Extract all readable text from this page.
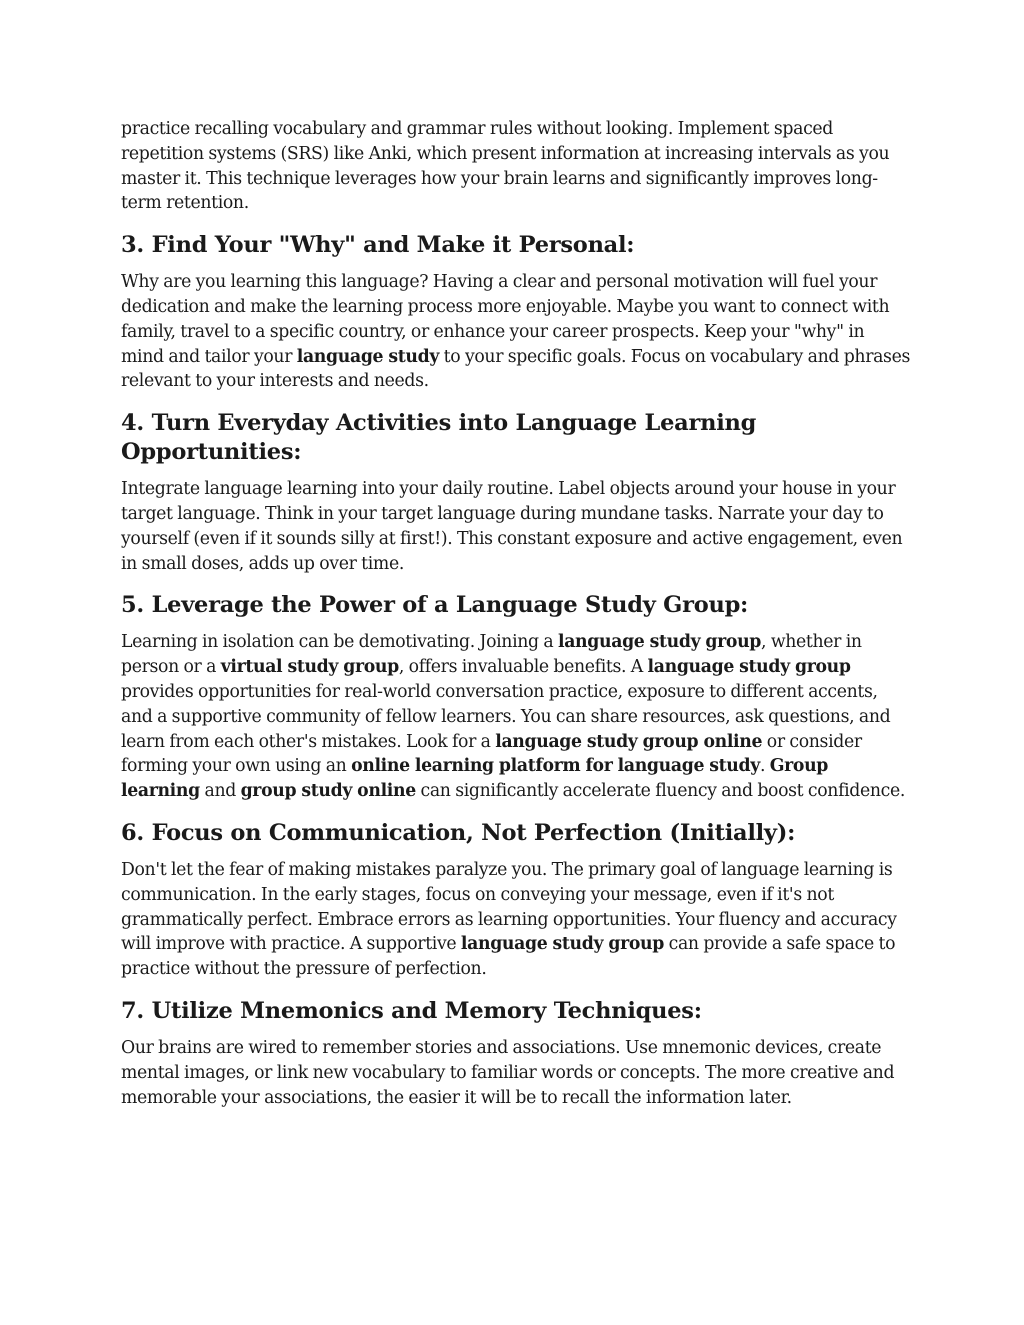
practice recalling vocabulary and grammar rules without looking. Implement spaced repetition systems (SRS) like Anki, which present information at increasing intervals as you master it. This technique leverages how your brain learns and significantly improves long-term retention.

3. Find Your "Why" and Make it Personal:

Why are you learning this language? Having a clear and personal motivation will fuel your dedication and make the learning process more enjoyable. Maybe you want to connect with family, travel to a specific country, or enhance your career prospects. Keep your "why" in mind and tailor your language study to your specific goals. Focus on vocabulary and phrases relevant to your interests and needs.

4. Turn Everyday Activities into Language Learning Opportunities:

Integrate language learning into your daily routine. Label objects around your house in your target language. Think in your target language during mundane tasks. Narrate your day to yourself (even if it sounds silly at first!). This constant exposure and active engagement, even in small doses, adds up over time.

5. Leverage the Power of a Language Study Group:

Learning in isolation can be demotivating. Joining a language study group, whether in person or a virtual study group, offers invaluable benefits. A language study group provides opportunities for real-world conversation practice, exposure to different accents, and a supportive community of fellow learners. You can share resources, ask questions, and learn from each other's mistakes. Look for a language study group online or consider forming your own using an online learning platform for language study. Group learning and group study online can significantly accelerate fluency and boost confidence.

6. Focus on Communication, Not Perfection (Initially):

Don't let the fear of making mistakes paralyze you. The primary goal of language learning is communication. In the early stages, focus on conveying your message, even if it's not grammatically perfect. Embrace errors as learning opportunities. Your fluency and accuracy will improve with practice. A supportive language study group can provide a safe space to practice without the pressure of perfection.

7. Utilize Mnemonics and Memory Techniques:

Our brains are wired to remember stories and associations. Use mnemonic devices, create mental images, or link new vocabulary to familiar words or concepts. The more creative and memorable your associations, the easier it will be to recall the information later.
